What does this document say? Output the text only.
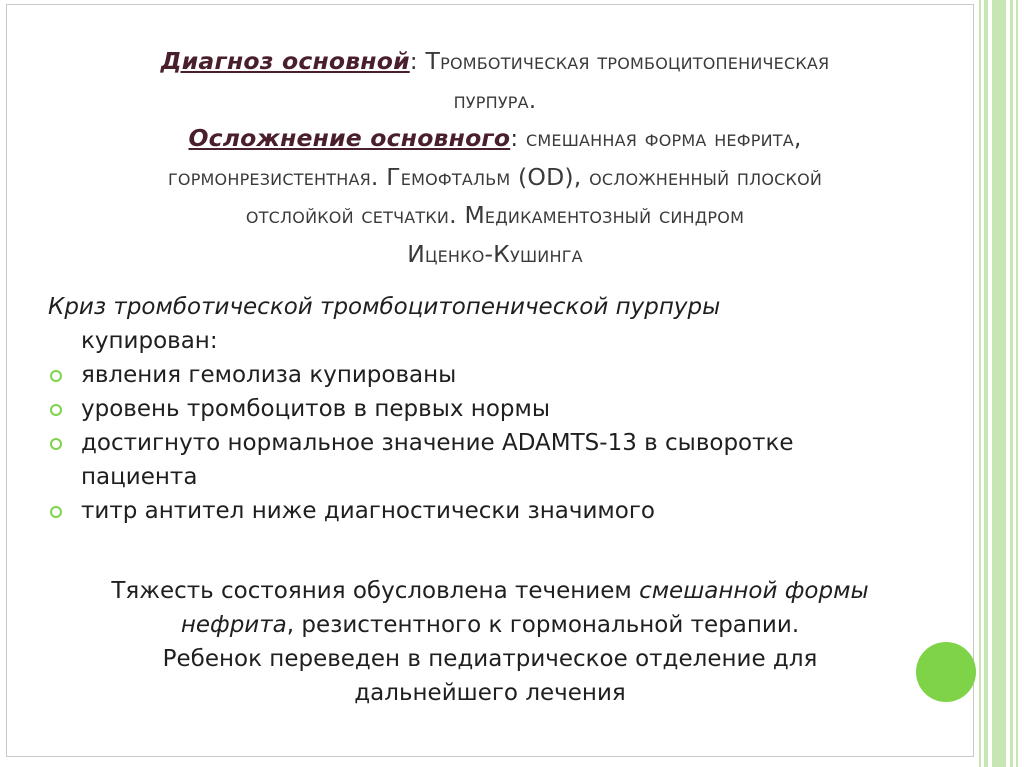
Диагноз основной: Тромботическая тромбоцитопеническая
пурпура.
Осложнение основного: смешанная форма нефрита,
гормонрезистентная. Гемофтальм (OD), осложненный плоской
отслойкой сетчатки. Медикаментозный синдром
Иценко-Кушинга
Криз тромботической тромбоцитопенической пурпуры
купирован:
явления гемолиза купированы
уровень тромбоцитов в первых нормы
достигнуто нормальное значение ADAMTS-13 в сыворотке
пациента
титр антител ниже диагностически значимого
Тяжесть состояния обусловлена течением смешанной формы
нефрита, резистентного к гормональной терапии.
Ребенок переведен в педиатрическое отделение для
дальнейшего лечения
